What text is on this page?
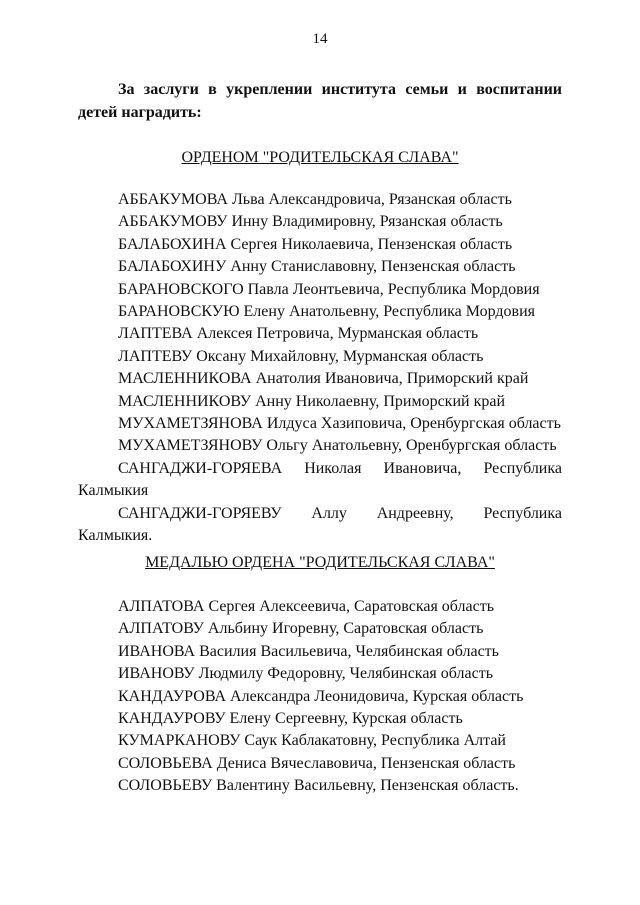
14

За заслуги в укреплении института семьи и воспитании детей наградить:

ОРДЕНОМ "РОДИТЕЛЬСКАЯ СЛАВА"

АББАКУМОВА Льва Александровича, Рязанская область
АББАКУМОВУ Инну Владимировну, Рязанская область
БАЛАБОХИНА Сергея Николаевича, Пензенская область
БАЛАБОХИНУ Анну Станиславовну, Пензенская область
БАРАНОВСКОГО Павла Леонтьевича, Республика Мордовия
БАРАНОВСКУЮ Елену Анатольевну, Республика Мордовия
ЛАПТЕВА Алексея Петровича, Мурманская область
ЛАПТЕВУ Оксану Михайловну, Мурманская область
МАСЛЕННИКОВА Анатолия Ивановича, Приморский край
МАСЛЕННИКОВУ Анну Николаевну, Приморский край
МУХАМЕТЗЯНОВА Илдуса Хазиповича, Оренбургская область
МУХАМЕТЗЯНОВУ Ольгу Анатольевну, Оренбургская область
САНГАДЖИ-ГОРЯЕВА Николая Ивановича, Республика Калмыкия
САНГАДЖИ-ГОРЯЕВУ Аллу Андреевну, Республика Калмыкия.

МЕДАЛЬЮ ОРДЕНА "РОДИТЕЛЬСКАЯ СЛАВА"

АЛПАТОВА Сергея Алексеевича, Саратовская область
АЛПАТОВУ Альбину Игоревну, Саратовская область
ИВАНОВА Василия Васильевича, Челябинская область
ИВАНОВУ Людмилу Федоровну, Челябинская область
КАНДАУРОВА Александра Леонидовича, Курская область
КАНДАУРОВУ Елену Сергеевну, Курская область
КУМАРКАНОВУ Саук Каблакатовну, Республика Алтай
СОЛОВЬЕВА Дениса Вячеславовича, Пензенская область
СОЛОВЬЕВУ Валентину Васильевну, Пензенская область.
